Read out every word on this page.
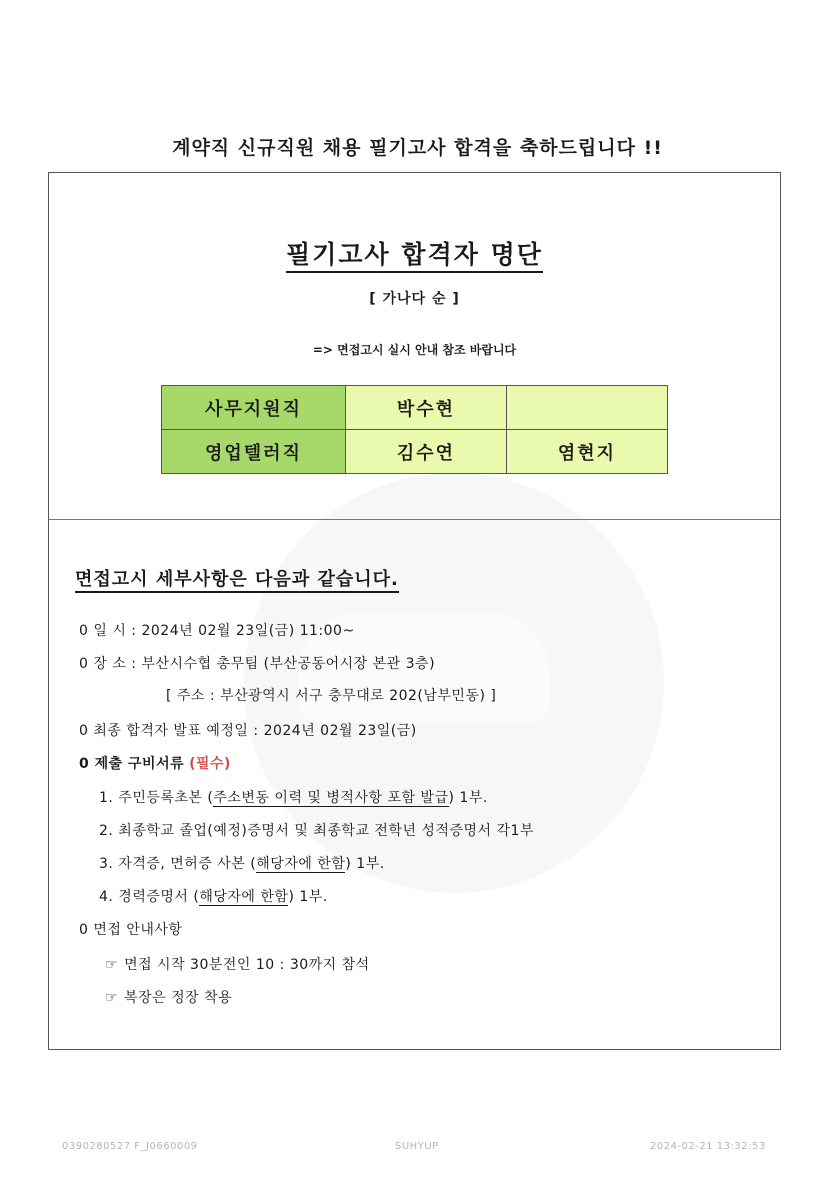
계약직 신규직원 채용 필기고사 합격을 축하드립니다 !!
필기고사 합격자 명단
[ 가나다 순 ]
=> 면접고시 실시 안내 참조 바랍니다
사무지원직	박수현	
영업텔러직	김수연	염현지
면접고시 세부사항은 다음과 같습니다.
0 일 시 : 2024년 02월 23일(금) 11:00~
0 장 소 : 부산시수협 총무팀 (부산공동어시장 본관 3층)
[ 주소 : 부산광역시 서구 충무대로 202(남부민동) ]
0 최종 합격자 발표 예정일 : 2024년 02월 23일(금)
0 제출 구비서류 (필수)
1. 주민등록초본 (주소변동 이력 및 병적사항 포함 발급) 1부.
2. 최종학교 졸업(예정)증명서 및 최종학교 전학년 성적증명서 각1부
3. 자격증, 면허증 사본 (해당자에 한함) 1부.
4. 경력증명서 (해당자에 한함) 1부.
0 면접 안내사항
☞ 면접 시작 30분전인 10 : 30까지 참석
☞ 복장은 정장 착용
0390280527 F_J0660009	SUHYUP	2024-02-21 13:32:53
